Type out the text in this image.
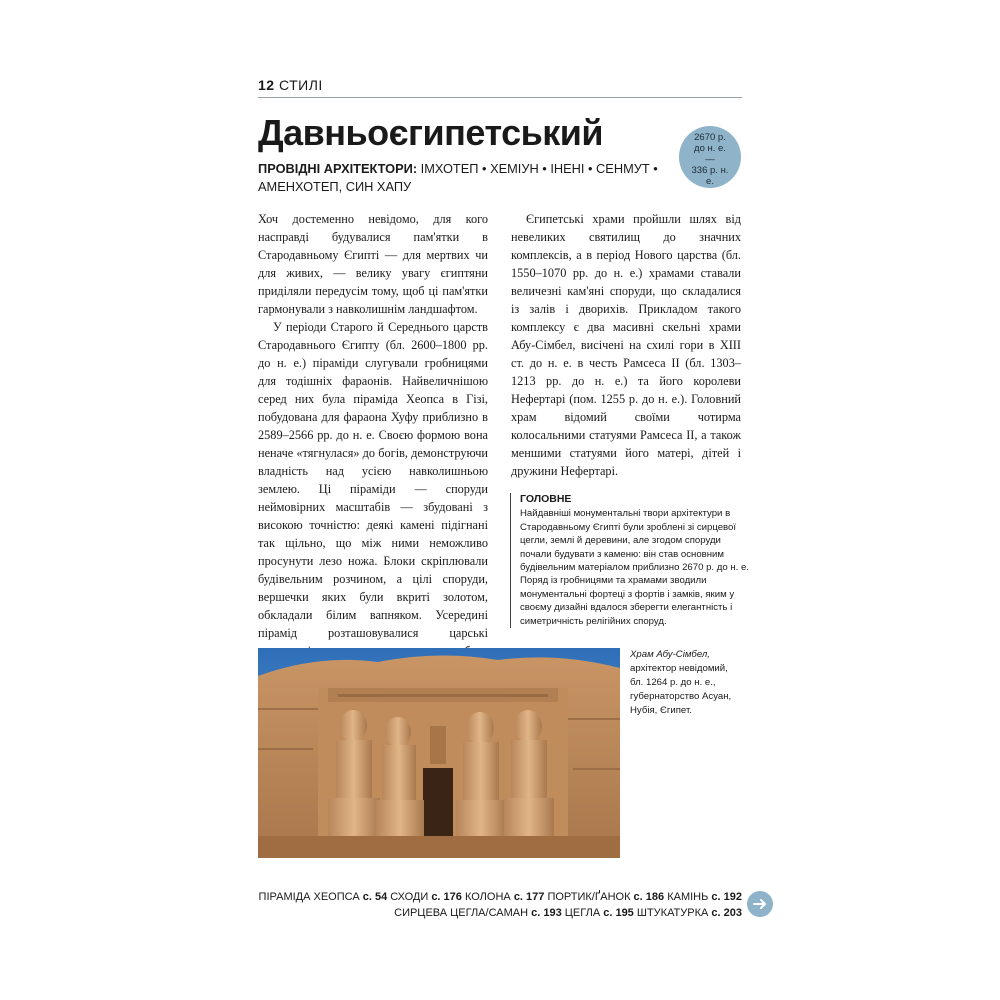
12 СТИЛІ
Давньоєгипетський	2670 р. до н. е.
—
336 р. н. е.
ПРОВІДНІ АРХІТЕКТОРИ: ІМХОТЕП • ХЕМІУН • ІНЕНІ • СЕНМУТ • АМЕНХОТЕП, СИН ХАПУ

Хоч достеменно невідомо, для кого насправді будувалися пам'ятки в Стародавньому Єгипті — для мертвих чи для живих, — велику увагу єгиптяни приділяли передусім тому, щоб ці пам'ятки гармонували з навколишнім ландшафтом.

У періоди Старого й Середнього царств Стародавнього Єгипту (бл. 2600–1800 рр. до н. е.) піраміди слугували гробницями для тодішніх фараонів. Найвеличнішою серед них була піраміда Хеопса в Гізі, побудована для фараона Хуфу приблизно в 2589–2566 рр. до н. е. Своєю формою вона неначе «тягнулася» до богів, демонструючи владність над усією навколишньою землею. Ці піраміди — споруди неймовірних масштабів — збудовані з високою точністю: деякі камені підігнані так щільно, що між ними неможливо просунути лезо ножа. Блоки скріплювали будівельним розчином, а цілі споруди, вершечки яких були вкриті золотом, обкладали білим вапняком. Усередині пірамід розташовувалися царські

Єгипетські храми пройшли шлях від невеликих святилищ до значних комплексів, а в період Нового царства (бл. 1550–1070 рр. до н. е.) храмами ставали величезні кам'яні споруди, що складалися із залів і дворихів. Прикладом такого комплексу є два масивні скельні храми Абу-Сімбел, висічені на схилі гори в XIII ст. до н. е. в честь Рамсеса II (бл. 1303–1213 рр. до н. е.) та його королеви Нефертарі (пом. 1255 р. до н. е.). Головний храм відомий своїми чотирма колосальними статуями Рамсеса II, а також меншими статуями його матері, дітей і дружини Нефертарі.

ГОЛОВНЕ
Найдавніші монументальні твори архітектури в Стародавньому Єгипті були зроблені зі сирцевої цегли, землі й деревини, але згодом споруди почали будувати з каменю: він став основним будівельним матеріалом приблизно 2670 р. до н. е. Поряд із гробницями та храмами зводили монументальні фортеці з фортів і замків, яким у своєму дизайні вдалося зберегти елегантність і симетричність релігійних споруд.
Храм Абу-Сімбел, архітектор невідомий, бл. 1264 р. до н. е., губернаторство Асуан, Нубія, Єгипет.
ПІРАМІДА ХЕОПСА с. 54 СХОДИ с. 176 КОЛОНА с. 177 ПОРТИК/ҐАНОК с. 186 КАМІНЬ с. 192
СИРЦЕВА ЦЕГЛА/САМАН с. 193 ЦЕГЛА с. 195 ШТУКАТУРКА с. 203
